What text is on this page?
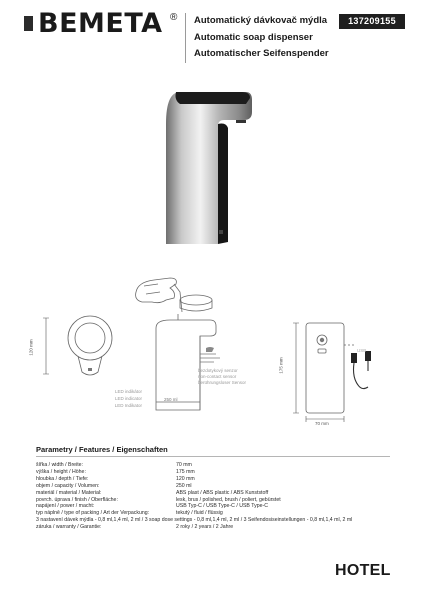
BEMETA ® Automatický dávkovač mýdla
Automatic soap dispenser
Automatischer Seifenspender
137209155
120 mm
LED indikátor
LED indicator
LED Indikator
bezdotykový senzor
non-contact sensor
berührungsloser Sensor
250 ml
175 mm
70 mm
USB
Parametry / Features / Eigenschaften
šířka / width / Breite:	70 mm
výška / height / Höhe:	175 mm
hloubka / depth / Tiefe:	120 mm
objem / capacity / Volumen:	250 ml
materiál / material / Material:	ABS plast / ABS plastic / ABS Kunststoff
povrch. úprava / finish / Oberfläche:	lesk, brus / polished, brush / poliert, gebürstet
napájení / power / macht:	USB Typ-C / USB Type-C / USB Type-C
typ náplně / type of packing / Art der Verpackung:	tekutý / fluid / flüssig
3 nastavení dávek mýdla - 0,8 ml,1,4 ml, 2 ml / 3 soap dose settings - 0,8 ml,1,4 ml, 2 ml / 3 Seifendosiseinstellungen - 0,8 ml,1,4 ml, 2 ml
záruka / warranty / Garantie:	2 roky / 2 years / 2 Jahre
HOTEL
